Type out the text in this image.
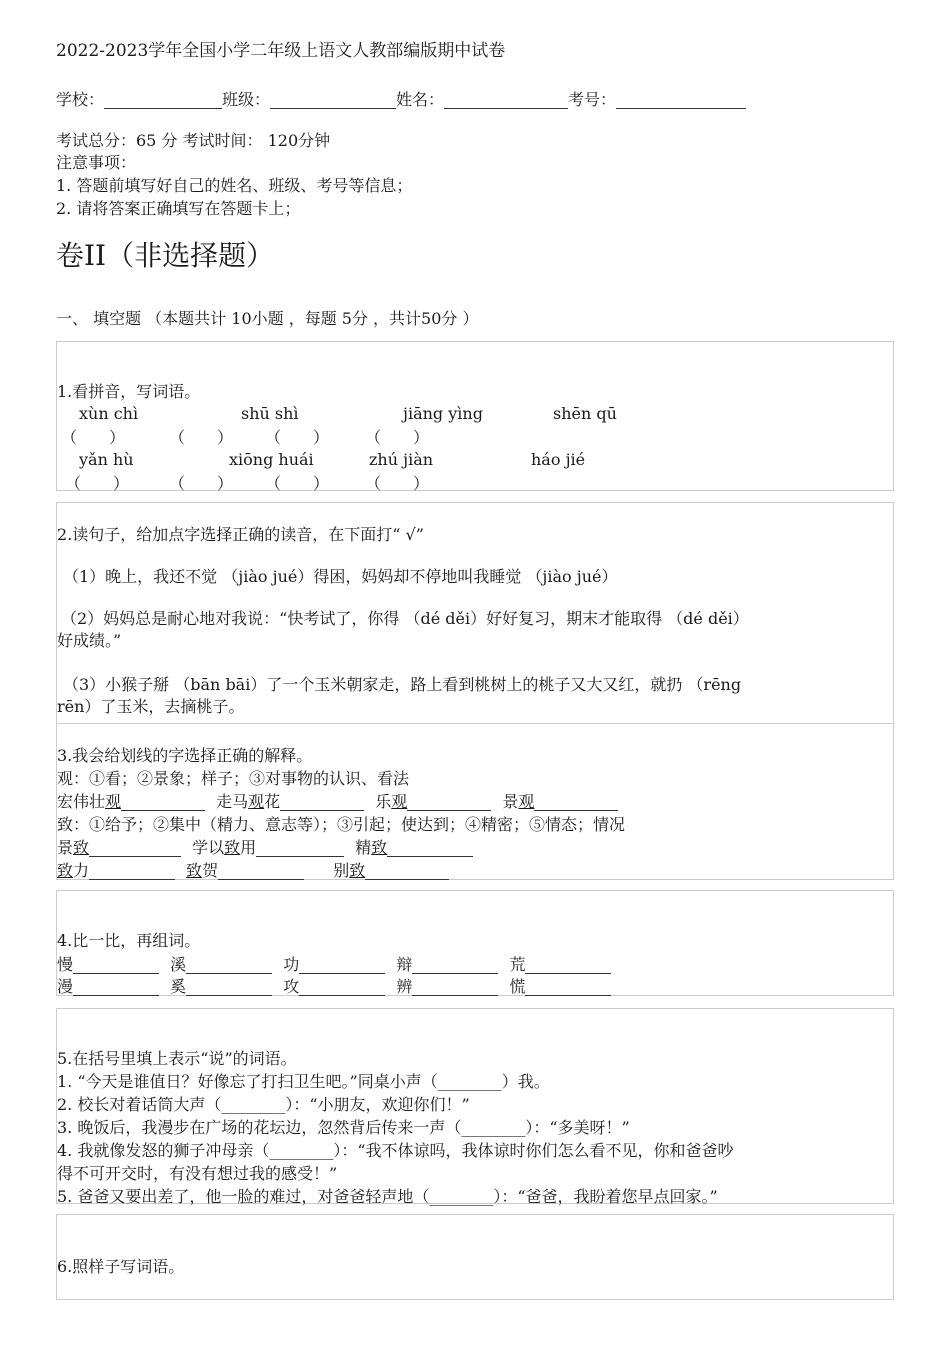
2022-2023学年全国小学二年级上语文人教部编版期中试卷
学校：	班级：	姓名：	考号：
考试总分：65 分 考试时间： 120分钟
注意事项：
1. 答题前填写好自己的姓名、班级、考号等信息；
2. 请将答案正确填写在答题卡上；
卷II（非选择题）
一、 填空题 （本题共计 10小题 ，每题 5分 ，共计50分 ）
1.看拼音，写词语。
xùn chì	shū shì	jiāng yìng	shēn qū
（　　）	（　　） （　　） （　　）
yǎn hù	xiōng huái	zhú jiàn	háo jié
（　　） （　　） （　　） （　　）
2.读句子，给加点字选择正确的读音，在下面打“ √”
（1）晚上，我还不觉 （jiào jué）得困，妈妈却不停地叫我睡觉 （jiào jué）
（2）妈妈总是耐心地对我说：“快考试了，你得 （dé děi）好好复习，期末才能取得 （dé děi）
好成绩。”
（3）小猴子掰 （bān bāi）了一个玉米朝家走，路上看到桃树上的桃子又大又红，就扔 （rēng
rēn）了玉米，去摘桃子。
3.我会给划线的字选择正确的解释。
观：①看；②景象；样子；③对事物的认识、看法
宏伟壮观	走马观花	乐观	景观
致：①给予；②集中（精力、意志等）；③引起；使达到；④精密；⑤情态；情况
景致	学以致用	精致
致力	致贺	别致
4.比一比，再组词。
慢	溪	功	辩	荒
漫	奚	攻	辨	慌
5.在括号里填上表示“说”的词语。
1. “今天是谁值日？好像忘了打扫卫生吧。”同桌小声（________）我。
2. 校长对着话筒大声（________）：“小朋友，欢迎你们！”
3. 晚饭后，我漫步在广场的花坛边，忽然背后传来一声（________）：“多美呀！”
4. 我就像发怒的狮子冲母亲（________）：“我不体谅吗，我体谅时你们怎么看不见，你和爸爸吵
得不可开交时，有没有想过我的感受！”
5. 爸爸又要出差了，他一脸的难过，对爸爸轻声地（________）：“爸爸，我盼着您早点回家。”
6.照样子写词语。
